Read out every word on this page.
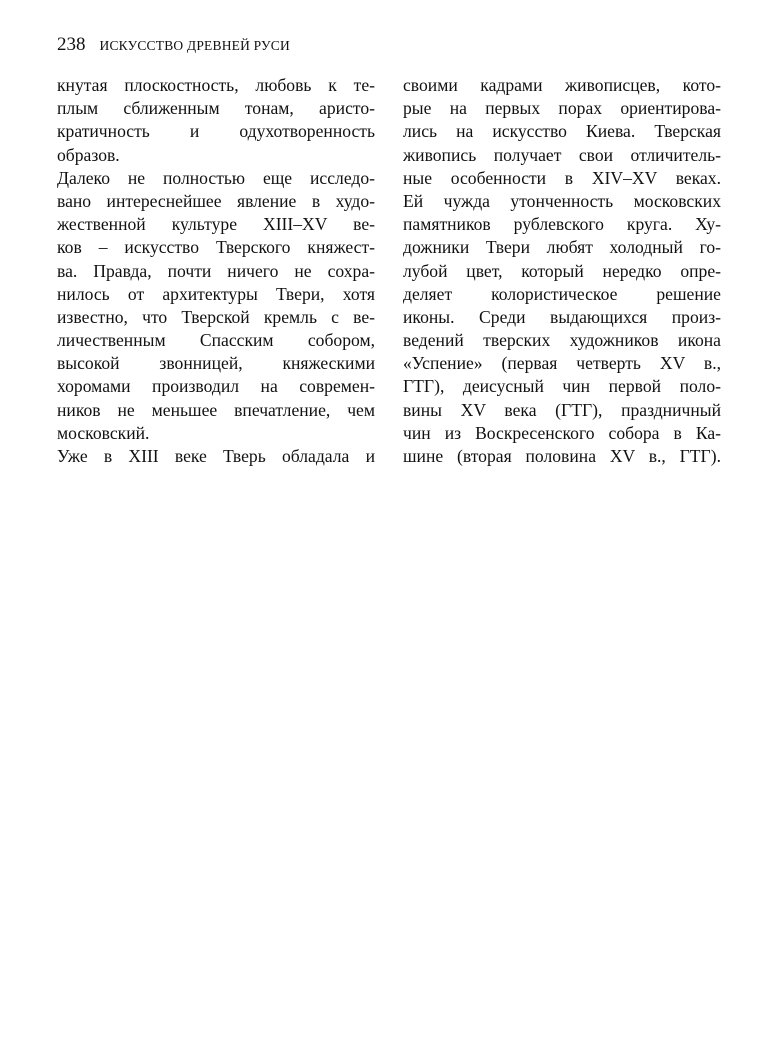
238 ИСКУССТВО ДРЕВНЕЙ РУСИ
кнутая плоскостность, любовь к те-
плым сближенным тонам, аристо-
кратичность и одухотворенность
образов.
Далеко не полностью еще исследо-
вано интереснейшее явление в худо-
жественной культуре XIII–XV ве-
ков – искусство Тверского княжест-
ва. Правда, почти ничего не сохра-
нилось от архитектуры Твери, хотя
известно, что Тверской кремль с ве-
личественным Спасским собором,
высокой звонницей, княжескими
хоромами производил на современ-
ников не меньшее впечатление, чем
московский.
Уже в XIII веке Тверь обладала и
своими кадрами живописцев, кото-
рые на первых порах ориентирова-
лись на искусство Киева. Тверская
живопись получает свои отличитель-
ные особенности в XIV–XV веках.
Ей чужда утонченность московских
памятников рублевского круга. Ху-
дожники Твери любят холодный го-
лубой цвет, который нередко опре-
деляет колористическое решение
иконы. Среди выдающихся произ-
ведений тверских художников икона
«Успение» (первая четверть XV в.,
ГТГ), деисусный чин первой поло-
вины XV века (ГТГ), праздничный
чин из Воскресенского собора в Ка-
шине (вторая половина XV в., ГТГ).
